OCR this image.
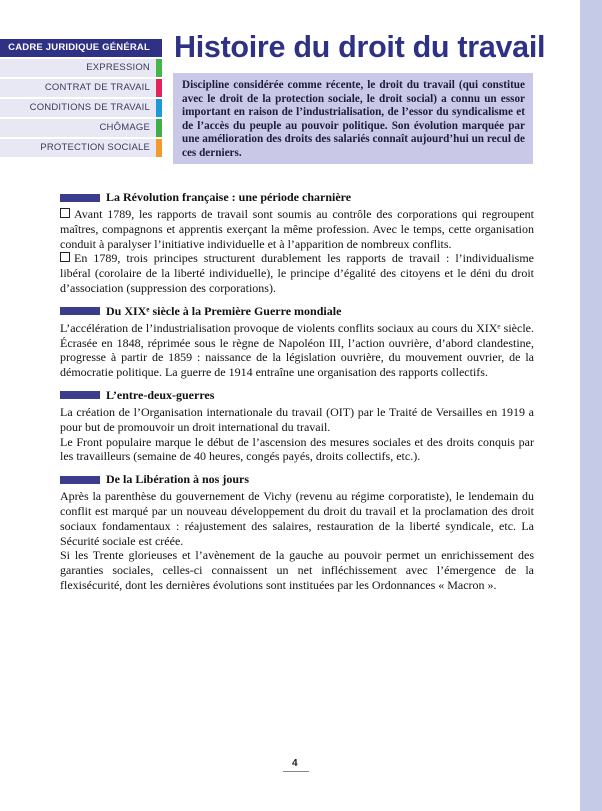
CADRE JURIDIQUE GÉNÉRAL
EXPRESSION
CONTRAT DE TRAVAIL
CONDITIONS DE TRAVAIL
CHÔMAGE
PROTECTION SOCIALE
Histoire du droit du travail
Discipline considérée comme récente, le droit du travail (qui constitue avec le droit de la protection sociale, le droit social) a connu un essor important en raison de l’industrialisation, de l’essor du syndicalisme et de l’accès du peuple au pouvoir politique. Son évolution marquée par une amélioration des droits des salariés connaît aujourd’hui un recul de ces derniers.
La Révolution française : une période charnière

Avant 1789, les rapports de travail sont soumis au contrôle des corporations qui regroupent maîtres, compagnons et apprentis exerçant la même profession. Avec le temps, cette organisation conduit à paralyser l’initiative individuelle et à l’apparition de nombreux conflits.

En 1789, trois principes structurent durablement les rapports de travail : l’individualisme libéral (corolaire de la liberté individuelle), le principe d’égalité des citoyens et le déni du droit d’association (suppression des corporations).

Du XIXᵉ siècle à la Première Guerre mondiale

L’accélération de l’industrialisation provoque de violents conflits sociaux au cours du XIXᵉ siècle. Écrasée en 1848, réprimée sous le règne de Napoléon III, l’action ouvrière, d’abord clandestine, progresse à partir de 1859 : naissance de la législation ouvrière, du mouvement ouvrier, de la démocratie politique. La guerre de 1914 entraîne une organisation des rapports collectifs.

L’entre-deux-guerres

La création de l’Organisation internationale du travail (OIT) par le Traité de Versailles en 1919 a pour but de promouvoir un droit international du travail.

Le Front populaire marque le début de l’ascension des mesures sociales et des droits conquis par les travailleurs (semaine de 40 heures, congés payés, droits collectifs, etc.).

De la Libération à nos jours

Après la parenthèse du gouvernement de Vichy (revenu au régime corporatiste), le lendemain du conflit est marqué par un nouveau développement du droit du travail et la proclamation des droit sociaux fondamentaux : réajustement des salaires, restauration de la liberté syndicale, etc. La Sécurité sociale est créée.

Si les Trente glorieuses et l’avènement de la gauche au pouvoir permet un enrichissement des garanties sociales, celles-ci connaissent un net infléchissement avec l’émergence de la flexisécurité, dont les dernières évolutions sont instituées par les Ordonnances « Macron ».

4
